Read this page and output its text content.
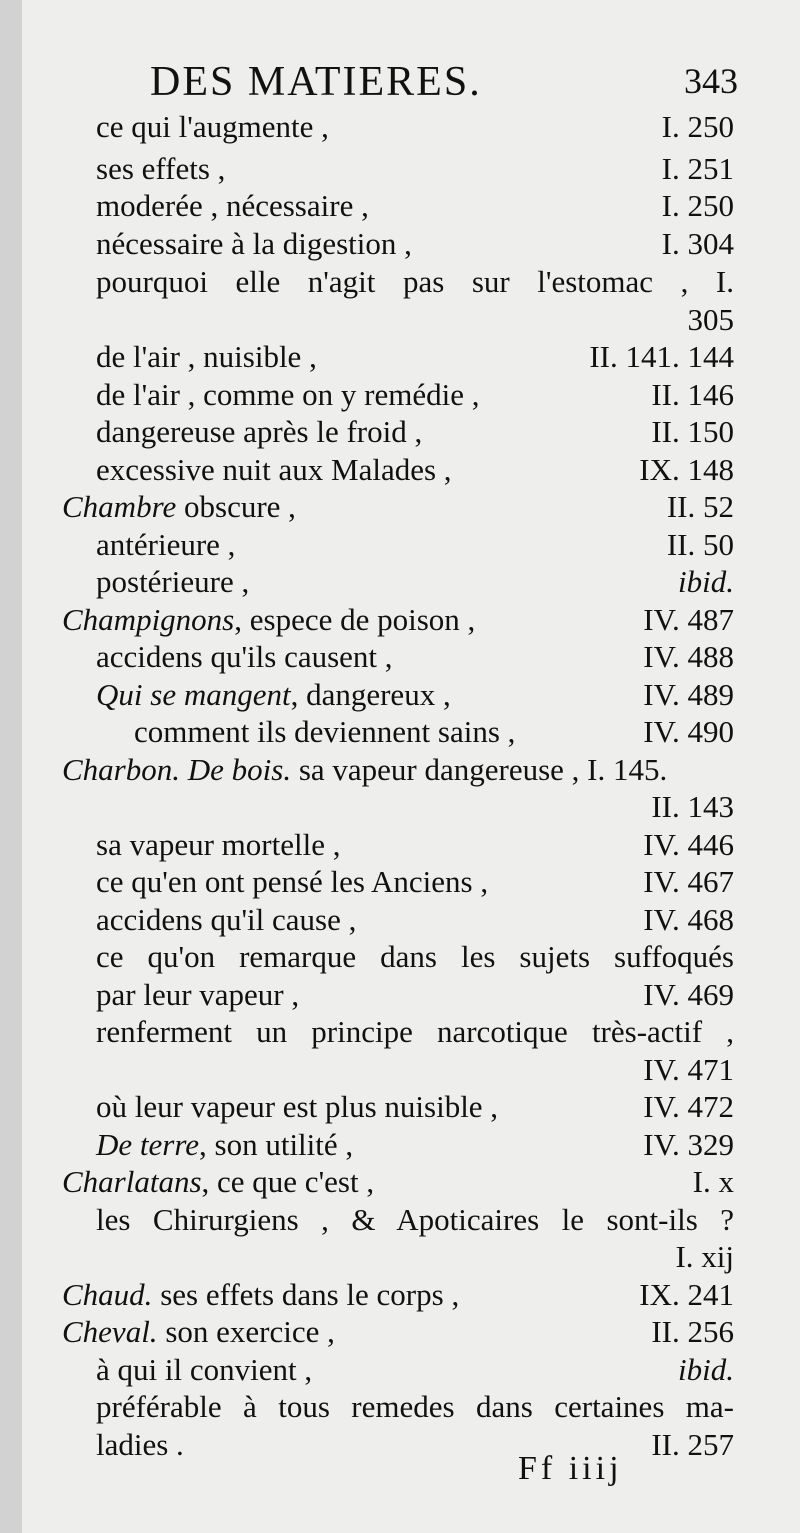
DES MATIERES.	343
ce qui l'augmente ,	I. 250
ses effets ,	I. 251
moderée , nécessaire ,	I. 250
nécessaire à la digestion ,	I. 304
pourquoi elle n'agit pas sur l'estomac , I.
305
de l'air , nuisible ,	II. 141. 144
de l'air , comme on y remédie ,	II. 146
dangereuse après le froid ,	II. 150
excessive nuit aux Malades ,	IX. 148
Chambre obscure ,	II. 52
antérieure ,	II. 50
postérieure ,	ibid.
Champignons, espece de poison ,	IV. 487
accidens qu'ils causent ,	IV. 488
Qui se mangent, dangereux ,	IV. 489
comment ils deviennent sains ,	IV. 490
Charbon. De bois. sa vapeur dangereuse , I. 145.
II. 143
sa vapeur mortelle ,	IV. 446
ce qu'en ont pensé les Anciens ,	IV. 467
accidens qu'il cause ,	IV. 468
ce qu'on remarque dans les sujets suffoqués
par leur vapeur ,	IV. 469
renferment un principe narcotique très-actif ,
IV. 471
où leur vapeur est plus nuisible ,	IV. 472
De terre, son utilité ,	IV. 329
Charlatans, ce que c'est ,	I. x
les Chirurgiens , & Apoticaires le sont-ils ?
I. xij
Chaud. ses effets dans le corps ,	IX. 241
Cheval. son exercice ,	II. 256
à qui il convient ,	ibid.
préférable à tous remedes dans certaines ma-
ladies .	II. 257
Ff iiij
